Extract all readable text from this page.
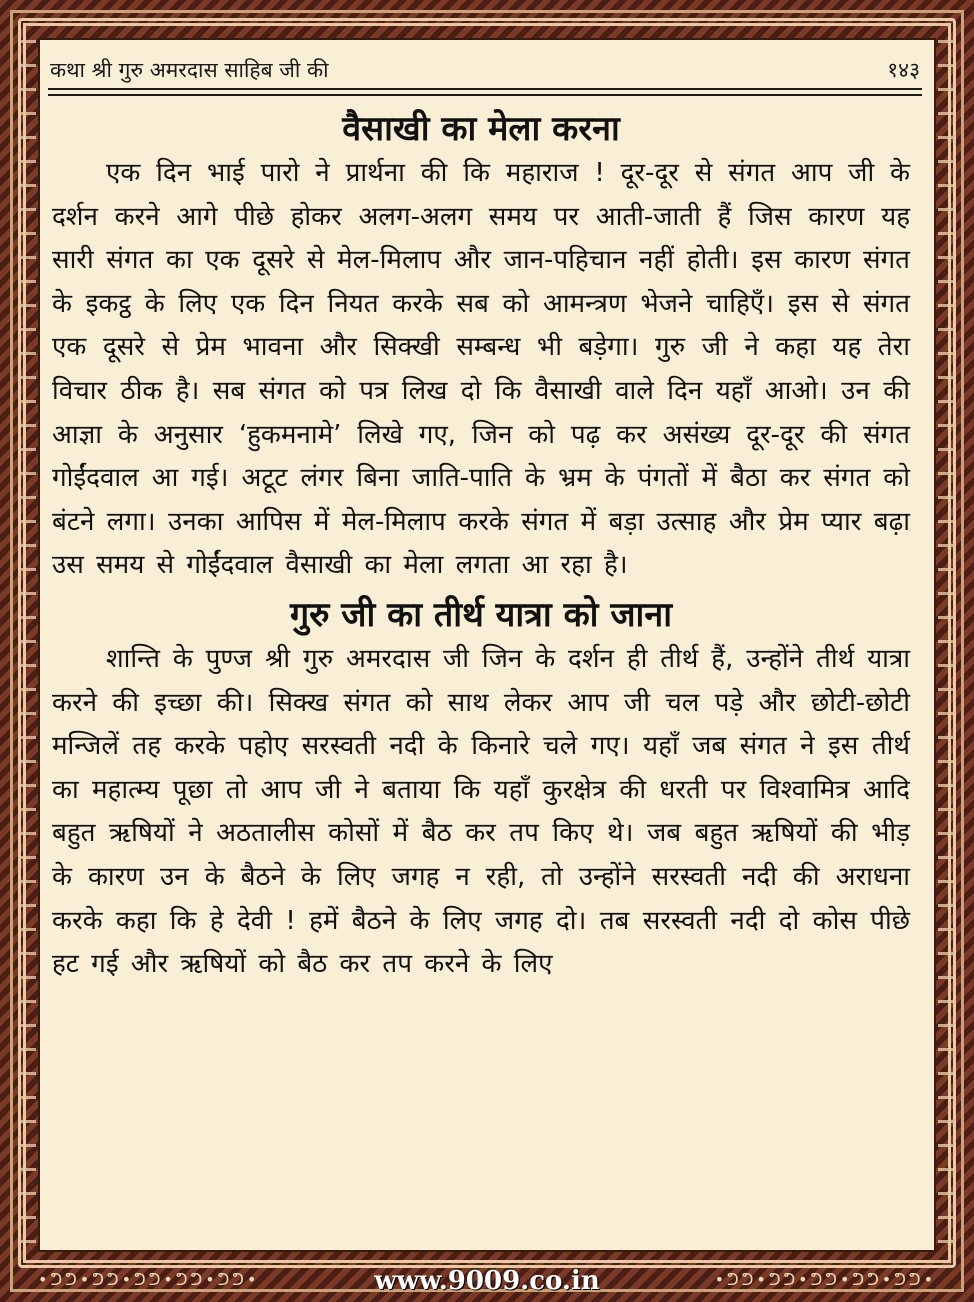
कथा श्री गुरु अमरदास साहिब जी की	१४३
वैसाखी का मेला करना

एक दिन भाई पारो ने प्रार्थना की कि महाराज ! दूर-दूर से संगत आप जी के दर्शन करने आगे पीछे होकर अलग-अलग समय पर आती-जाती हैं जिस कारण यह सारी संगत का एक दूसरे से मेल-मिलाप और जान-पहिचान नहीं होती। इस कारण संगत के इकट्ठ के लिए एक दिन नियत करके सब को आमन्त्रण भेजने चाहिएँ। इस से संगत एक दूसरे से प्रेम भावना और सिक्खी सम्बन्ध भी बड़ेगा। गुरु जी ने कहा यह तेरा विचार ठीक है। सब संगत को पत्र लिख दो कि वैसाखी वाले दिन यहाँ आओ। उन की आज्ञा के अनुसार ‘हुकमनामे’ लिखे गए, जिन को पढ़ कर असंख्य दूर-दूर की संगत गोईंदवाल आ गई। अटूट लंगर बिना जाति-पाति के भ्रम के पंगतों में बैठा कर संगत को बंटने लगा। उनका आपिस में मेल-मिलाप करके संगत में बड़ा उत्साह और प्रेम प्यार बढ़ा उस समय से गोईंदवाल वैसाखी का मेला लगता आ रहा है।

गुरु जी का तीर्थ यात्रा को जाना

शान्ति के पुण्ज श्री गुरु अमरदास जी जिन के दर्शन ही तीर्थ हैं, उन्होंने तीर्थ यात्रा करने की इच्छा की। सिक्ख संगत को साथ लेकर आप जी चल पड़े और छोटी-छोटी मन्जिलें तह करके पहोए सरस्वती नदी के किनारे चले गए। यहाँ जब संगत ने इस तीर्थ का महात्म्य पूछा तो आप जी ने बताया कि यहाँ कुरक्षेत्र की धरती पर विश्वामित्र आदि बहुत ऋषियों ने अठतालीस कोसों में बैठ कर तप किए थे। जब बहुत ऋषियों की भीड़ के कारण उन के बैठने के लिए जगह न रही, तो उन्होंने सरस्वती नदी की अराधना करके कहा कि हे देवी ! हमें बैठने के लिए जगह दो। तब सरस्वती नदी दो कोस पीछे हट गई और ऋषियों को बैठ कर तप करने के लिए

•ᕤᕤ•ᕤᕤ•ᕤᕤ•ᕤᕤ•ᕤᕤ•	www.9009.co.in	•ᕤᕤ•ᕤᕤ•ᕤᕤ•ᕤᕤ•ᕤᕤ•
